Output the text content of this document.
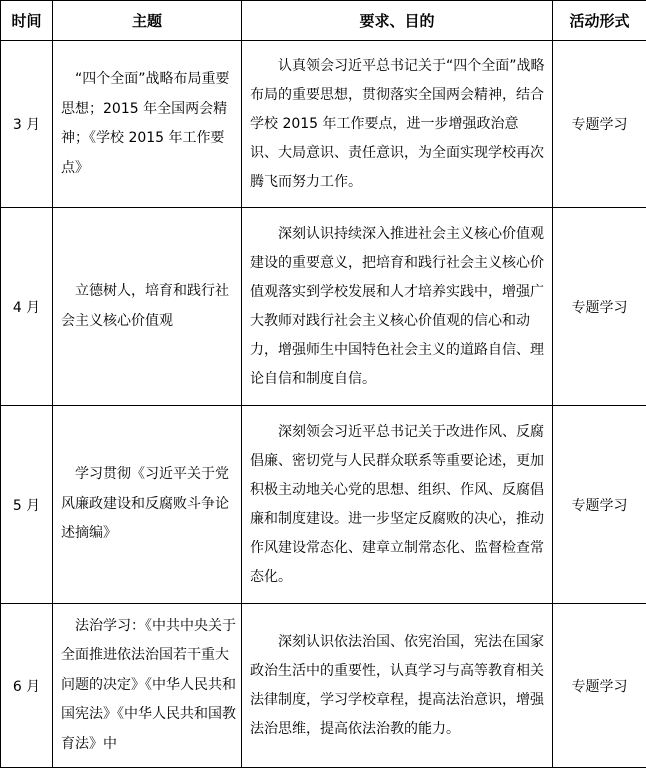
时间	主题	要求、目的	活动形式
3 月	“四个全面”战略布局重要思想；2015 年全国两会精神；《学校 2015 年工作要点》	认真领会习近平总书记关于“四个全面”战略布局的重要思想，贯彻落实全国两会精神，结合学校 2015 年工作要点，进一步增强政治意识、大局意识、责任意识，为全面实现学校再次腾飞而努力工作。	专题学习
4 月	立德树人，培育和践行社会主义核心价值观	深刻认识持续深入推进社会主义核心价值观建设的重要意义，把培育和践行社会主义核心价值观落实到学校发展和人才培养实践中，增强广大教师对践行社会主义核心价值观的信心和动力，增强师生中国特色社会主义的道路自信、理论自信和制度自信。	专题学习
5 月	学习贯彻《习近平关于党风廉政建设和反腐败斗争论述摘编》	深刻领会习近平总书记关于改进作风、反腐倡廉、密切党与人民群众联系等重要论述，更加积极主动地关心党的思想、组织、作风、反腐倡廉和制度建设。进一步坚定反腐败的决心，推动作风建设常态化、建章立制常态化、监督检查常态化。	专题学习
6 月	法治学习：《中共中央关于全面推进依法治国若干重大问题的决定》《中华人民共和国宪法》《中华人民共和国教育法》中	深刻认识依法治国、依宪治国，宪法在国家政治生活中的重要性，认真学习与高等教育相关法律制度，学习学校章程，提高法治意识，增强法治思维，提高依法治教的能力。	专题学习
